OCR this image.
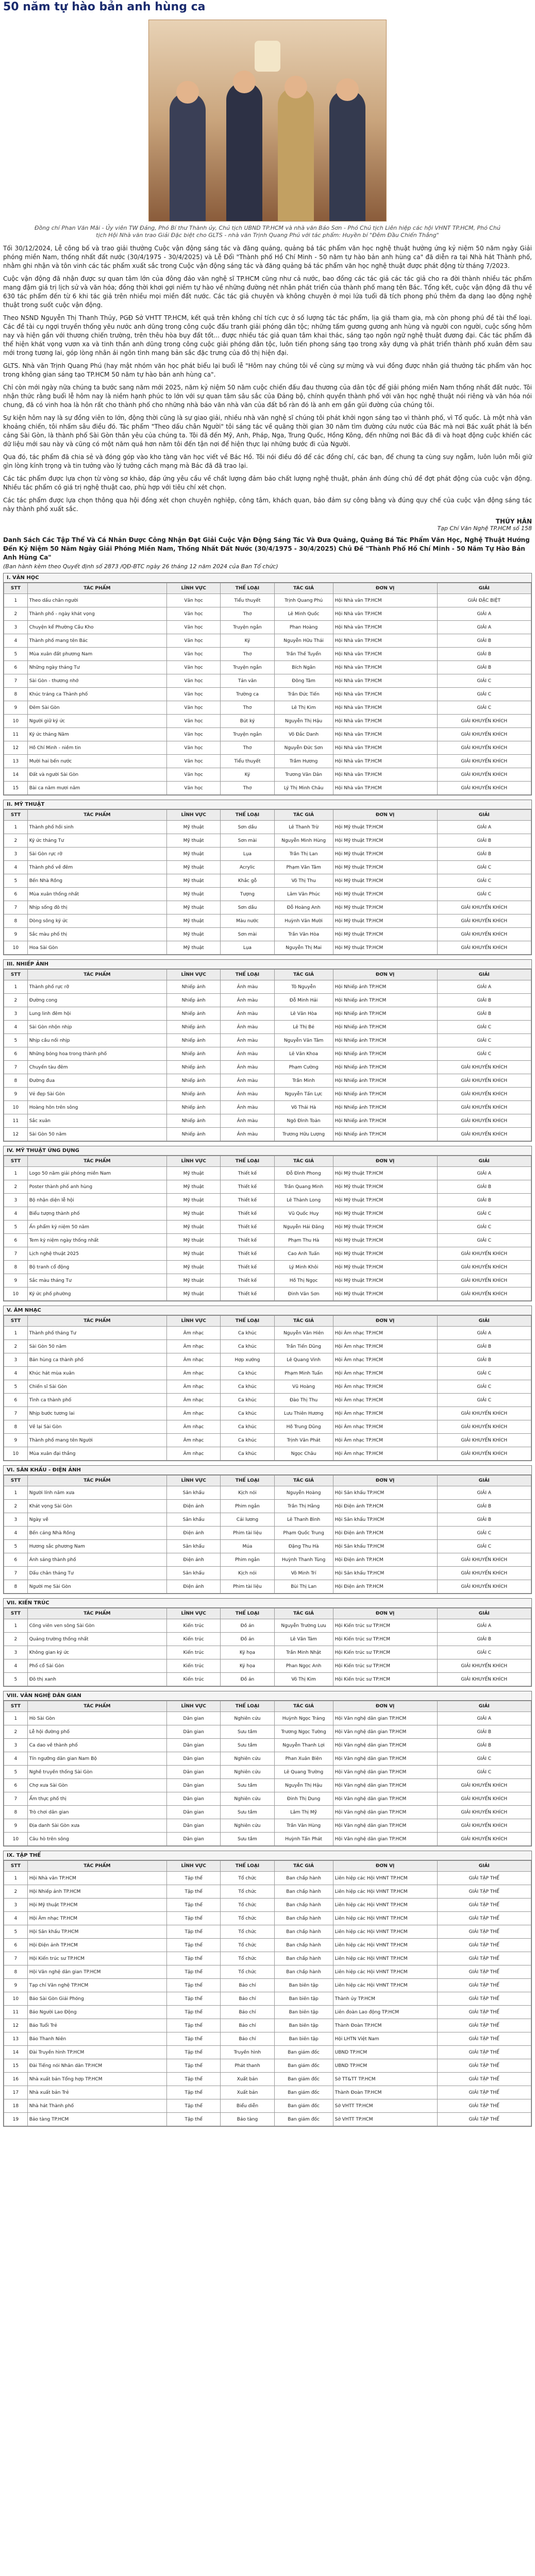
50 năm tự hào bản anh hùng ca

Đồng chí Phan Văn Mãi - Ủy viên TW Đảng, Phó Bí thư Thành ủy, Chủ tịch UBND TP.HCM và nhà văn Bảo Sơn - Phó Chủ tịch Liên hiệp các hội VHNT TP.HCM, Phó Chủ tịch Hội Nhà văn trao Giải Đặc biệt cho GLTS - nhà văn Trịnh Quang Phú với tác phẩm: Huyền bí "Đêm Đầu Chiến Thắng"

Tối 30/12/2024, Lễ công bố và trao giải thưởng Cuộc vận động sáng tác và đăng quảng, quảng bá tác phẩm văn học nghệ thuật hưởng ứng kỷ niệm 50 năm ngày Giải phóng miền Nam, thống nhất đất nước (30/4/1975 - 30/4/2025) và Lễ Đổi "Thành phố Hồ Chí Minh - 50 năm tự hào bản anh hùng ca" đã diễn ra tại Nhà hát Thành phố, nhằm ghi nhận và tôn vinh các tác phẩm xuất sắc trong Cuộc vận động sáng tác và đăng quảng bá tác phẩm văn học nghệ thuật được phát động từ tháng 7/2023.

Cuộc vận động đã nhận được sự quan tâm lớn của đông đảo văn nghệ sĩ TP.HCM cũng như cả nước, bao đồng các tác giả các tác giả cho ra đời thành nhiều tác phẩm mang đậm giá trị lịch sử và văn hóa; đồng thời khơi gợi niềm tự hào về những đường nét nhân phát triển của thành phố mang tên Bác. Tổng kết, cuộc vận động đã thu về 630 tác phẩm đến từ 6 khi tác giả trên nhiều mọi miền đất nước. Các tác giả chuyên và không chuyên ở mọi lứa tuổi đã tích phong phú thêm đa dạng lao động nghệ thuật trong suốt cuộc vận động.

Theo NSND Nguyễn Thị Thanh Thủy, PGĐ Sở VHTT TP.HCM, kết quả trên không chỉ tích cực ở số lượng tác tác phẩm, lịa giá tham gia, mà còn phong phú đề tài thể loại. Các đề tài cụ ngợi truyền thống yêu nước anh dũng trong công cuộc đấu tranh giải phóng dân tộc; những tấm gương gương anh hùng và người con người, cuộc sống hôm nay và hiện gần với thương chiến trường, trên thêu hòa bụy đất tốt... được nhiều tác giả quan tâm khai thác, sáng tạo ngôn ngữ nghệ thuật đương đại. Các tác phẩm đã thể hiện khát vọng vươn xa và tinh thần anh dũng trong công cuộc giải phóng dân tộc, luôn tiến phong sáng tạo trong xây dựng và phát triển thành phố xuân đêm sau mới trong tương lai, góp lòng nhân ái ngôn tình mang bản sắc đặc trưng của đô thị hiện đại.

GLTS. Nhà văn Trịnh Quang Phú (hay mật nhóm văn học phát biểu lại buổi lễ "Hôm nay chúng tôi về cùng sự mừng và vui đồng được nhân giá thưởng tác phẩm văn học trong không gian sáng tạo TP.HCM 50 năm tự hào bản anh hùng ca".

Chỉ còn mới ngày nữa chúng ta bước sang năm mới 2025, năm kỷ niệm 50 năm cuộc chiến đấu đau thương của dân tộc để giải phóng miền Nam thống nhất đất nước. Tôi nhận thức rằng buổi lễ hôm nay là niềm hạnh phúc to lớn với sự quan tâm sâu sắc của Đảng bộ, chính quyền thành phố với văn học nghệ thuật nói riêng và văn hóa nói chung, đã có vinh hoa là hôn rất cho thành phố cho những nhà báo văn nhà văn của đất bố ràn đó là anh em gần gũi đường của chúng tôi.

Sự kiện hôm nay là sự đồng viên to lớn, động thời cũng là sự giao giải, nhiều nhà văn nghệ sĩ chúng tôi phát khởi ngọn sáng tạo vì thành phố, vì Tổ quốc. Là một nhà văn khoảng chiến, tôi nhấm sâu điều đó. Tác phẩm "Theo dấu chân Người" tôi sáng tác về quãng thời gian 30 năm tìm đường cứu nước của Bác mà nơi Bác xuất phát là bến cảng Sài Gòn, là thành phố Sài Gòn thân yêu của chúng ta. Tôi đã đến Mỹ, Anh, Pháp, Nga, Trung Quốc, Hồng Kông, đến những nơi Bác đã đi và hoạt động cuộc khiến các dữ liệu mới sau này và cũng có một năm quá hơn năm tôi đến tận nơi để hiện thực lại những bước đi của Người.

Qua đó, tác phẩm đã chia sẻ và đóng góp vào kho tàng văn học viết về Bác Hồ. Tôi nói điều đó để các đồng chí, các bạn, để chung ta cùng suy ngẫm, luôn luôn mỗi giữ gìn lòng kính trọng và tin tưởng vào lý tưởng cách mạng mà Bác đã đã trao lại.

Các tác phẩm được lựa chọn từ vòng sơ khảo, đáp ứng yêu cầu về chất lượng đảm bảo chất lượng nghệ thuật, phản ánh đúng chủ đề đợt phát động của cuộc vận động. Nhiều tác phẩm có giá trị nghệ thuật cao, phù hợp với tiêu chí xét chọn.

Các tác phẩm được lựa chọn thông qua hội đồng xét chọn chuyên nghiệp, công tâm, khách quan, bảo đảm sự công bằng và đúng quy chế của cuộc vận động sáng tác này thành phố xuất sắc.

THÚY HÂN

Tạp Chí Văn Nghệ TP.HCM số 158

Danh Sách Các Tập Thể Và Cá Nhân Được Công Nhận Đạt Giải Cuộc Vận Động Sáng Tác Và Đưa Quảng, Quảng Bá Tác Phẩm Văn Học, Nghệ Thuật Hướng Đến Kỷ Niệm 50 Năm Ngày Giải Phóng Miền Nam, Thống Nhất Đất Nước (30/4/1975 - 30/4/2025) Chủ Đề "Thành Phố Hồ Chí Minh - 50 Năm Tự Hào Bản Anh Hùng Ca"

(Ban hành kèm theo Quyết định số 2873 /QĐ-BTC ngày 26 tháng 12 năm 2024 của Ban Tổ chức)

I. VĂN HỌC
STT	TÁC PHẨM	LĨNH VỰC	THỂ LOẠI	TÁC GIẢ	ĐƠN VỊ	GIẢI
1	Theo dấu chân người	Văn học	Tiểu thuyết	Trịnh Quang Phú	Hội Nhà văn TP.HCM	GIẢI ĐẶC BIỆT
2	Thành phố - ngày khát vọng	Văn học	Thơ	Lê Minh Quốc	Hội Nhà văn TP.HCM	GIẢI A
3	Chuyện kể Phường Cầu Kho	Văn học	Truyện ngắn	Phan Hoàng	Hội Nhà văn TP.HCM	GIẢI A
4	Thành phố mang tên Bác	Văn học	Ký	Nguyễn Hữu Thái	Hội Nhà văn TP.HCM	GIẢI B
5	Mùa xuân đất phương Nam	Văn học	Thơ	Trần Thế Tuyển	Hội Nhà văn TP.HCM	GIẢI B
6	Những ngày tháng Tư	Văn học	Truyện ngắn	Bích Ngân	Hội Nhà văn TP.HCM	GIẢI B
7	Sài Gòn - thương nhớ	Văn học	Tản văn	Đông Tâm	Hội Nhà văn TP.HCM	GIẢI C
8	Khúc tráng ca Thành phố	Văn học	Trường ca	Trần Đức Tiến	Hội Nhà văn TP.HCM	GIẢI C
9	Đêm Sài Gòn	Văn học	Thơ	Lê Thị Kim	Hội Nhà văn TP.HCM	GIẢI C
10	Người giữ ký ức	Văn học	Bút ký	Nguyễn Thị Hậu	Hội Nhà văn TP.HCM	GIẢI KHUYẾN KHÍCH
11	Ký ức tháng Năm	Văn học	Truyện ngắn	Võ Đắc Danh	Hội Nhà văn TP.HCM	GIẢI KHUYẾN KHÍCH
12	Hồ Chí Minh - niềm tin	Văn học	Thơ	Nguyễn Đức Sơn	Hội Nhà văn TP.HCM	GIẢI KHUYẾN KHÍCH
13	Mười hai bến nước	Văn học	Tiểu thuyết	Trầm Hương	Hội Nhà văn TP.HCM	GIẢI KHUYẾN KHÍCH
14	Đất và người Sài Gòn	Văn học	Ký	Trương Văn Dân	Hội Nhà văn TP.HCM	GIẢI KHUYẾN KHÍCH
15	Bài ca năm mươi năm	Văn học	Thơ	Lý Thị Minh Châu	Hội Nhà văn TP.HCM	GIẢI KHUYẾN KHÍCH
II. MỸ THUẬT
STT	TÁC PHẨM	LĨNH VỰC	THỂ LOẠI	TÁC GIẢ	ĐƠN VỊ	GIẢI
1	Thành phố hồi sinh	Mỹ thuật	Sơn dầu	Lê Thanh Trừ	Hội Mỹ thuật TP.HCM	GIẢI A
2	Ký ức tháng Tư	Mỹ thuật	Sơn mài	Nguyễn Minh Hùng	Hội Mỹ thuật TP.HCM	GIẢI B
3	Sài Gòn rực rỡ	Mỹ thuật	Lụa	Trần Thị Lan	Hội Mỹ thuật TP.HCM	GIẢI B
4	Thành phố về đêm	Mỹ thuật	Acrylic	Phạm Văn Tâm	Hội Mỹ thuật TP.HCM	GIẢI C
5	Bến Nhà Rồng	Mỹ thuật	Khắc gỗ	Võ Thị Thu	Hội Mỹ thuật TP.HCM	GIẢI C
6	Mùa xuân thống nhất	Mỹ thuật	Tượng	Lâm Văn Phúc	Hội Mỹ thuật TP.HCM	GIẢI C
7	Nhịp sống đô thị	Mỹ thuật	Sơn dầu	Đỗ Hoàng Anh	Hội Mỹ thuật TP.HCM	GIẢI KHUYẾN KHÍCH
8	Dòng sông ký ức	Mỹ thuật	Màu nước	Huỳnh Văn Mười	Hội Mỹ thuật TP.HCM	GIẢI KHUYẾN KHÍCH
9	Sắc màu phố thị	Mỹ thuật	Sơn mài	Trần Văn Hòa	Hội Mỹ thuật TP.HCM	GIẢI KHUYẾN KHÍCH
10	Hoa Sài Gòn	Mỹ thuật	Lụa	Nguyễn Thị Mai	Hội Mỹ thuật TP.HCM	GIẢI KHUYẾN KHÍCH
III. NHIẾP ẢNH
STT	TÁC PHẨM	LĨNH VỰC	THỂ LOẠI	TÁC GIẢ	ĐƠN VỊ	GIẢI
1	Thành phố rực rỡ	Nhiếp ảnh	Ảnh màu	Tô Nguyễn	Hội Nhiếp ảnh TP.HCM	GIẢI A
2	Đường cong	Nhiếp ảnh	Ảnh màu	Đỗ Minh Hải	Hội Nhiếp ảnh TP.HCM	GIẢI B
3	Lung linh đêm hội	Nhiếp ảnh	Ảnh màu	Lê Văn Hòa	Hội Nhiếp ảnh TP.HCM	GIẢI B
4	Sài Gòn nhộn nhịp	Nhiếp ảnh	Ảnh màu	Lê Thị Bé	Hội Nhiếp ảnh TP.HCM	GIẢI C
5	Nhịp cầu nối nhịp	Nhiếp ảnh	Ảnh màu	Nguyễn Văn Tâm	Hội Nhiếp ảnh TP.HCM	GIẢI C
6	Những bóng hoa trong thành phố	Nhiếp ảnh	Ảnh màu	Lê Văn Khoa	Hội Nhiếp ảnh TP.HCM	GIẢI C
7	Chuyến tàu đêm	Nhiếp ảnh	Ảnh màu	Phạm Cường	Hội Nhiếp ảnh TP.HCM	GIẢI KHUYẾN KHÍCH
8	Đường đua	Nhiếp ảnh	Ảnh màu	Trần Minh	Hội Nhiếp ảnh TP.HCM	GIẢI KHUYẾN KHÍCH
9	Vẻ đẹp Sài Gòn	Nhiếp ảnh	Ảnh màu	Nguyễn Tấn Lực	Hội Nhiếp ảnh TP.HCM	GIẢI KHUYẾN KHÍCH
10	Hoàng hôn trên sông	Nhiếp ảnh	Ảnh màu	Võ Thái Hà	Hội Nhiếp ảnh TP.HCM	GIẢI KHUYẾN KHÍCH
11	Sắc xuân	Nhiếp ảnh	Ảnh màu	Ngô Đình Toản	Hội Nhiếp ảnh TP.HCM	GIẢI KHUYẾN KHÍCH
12	Sài Gòn 50 năm	Nhiếp ảnh	Ảnh màu	Trương Hữu Lượng	Hội Nhiếp ảnh TP.HCM	GIẢI KHUYẾN KHÍCH
IV. MỸ THUẬT ỨNG DỤNG
STT	TÁC PHẨM	LĨNH VỰC	THỂ LOẠI	TÁC GIẢ	ĐƠN VỊ	GIẢI
1	Logo 50 năm giải phóng miền Nam	Mỹ thuật	Thiết kế	Đỗ Đình Phong	Hội Mỹ thuật TP.HCM	GIẢI A
2	Poster thành phố anh hùng	Mỹ thuật	Thiết kế	Trần Quang Minh	Hội Mỹ thuật TP.HCM	GIẢI B
3	Bộ nhận diện lễ hội	Mỹ thuật	Thiết kế	Lê Thành Long	Hội Mỹ thuật TP.HCM	GIẢI B
4	Biểu tượng thành phố	Mỹ thuật	Thiết kế	Vũ Quốc Huy	Hội Mỹ thuật TP.HCM	GIẢI C
5	Ấn phẩm kỷ niệm 50 năm	Mỹ thuật	Thiết kế	Nguyễn Hải Đăng	Hội Mỹ thuật TP.HCM	GIẢI C
6	Tem kỷ niệm ngày thống nhất	Mỹ thuật	Thiết kế	Phạm Thu Hà	Hội Mỹ thuật TP.HCM	GIẢI C
7	Lịch nghệ thuật 2025	Mỹ thuật	Thiết kế	Cao Anh Tuấn	Hội Mỹ thuật TP.HCM	GIẢI KHUYẾN KHÍCH
8	Bộ tranh cổ động	Mỹ thuật	Thiết kế	Lý Minh Khôi	Hội Mỹ thuật TP.HCM	GIẢI KHUYẾN KHÍCH
9	Sắc màu tháng Tư	Mỹ thuật	Thiết kế	Hồ Thị Ngọc	Hội Mỹ thuật TP.HCM	GIẢI KHUYẾN KHÍCH
10	Ký ức phố phường	Mỹ thuật	Thiết kế	Đinh Văn Sơn	Hội Mỹ thuật TP.HCM	GIẢI KHUYẾN KHÍCH
V. ÂM NHẠC
STT	TÁC PHẨM	LĨNH VỰC	THỂ LOẠI	TÁC GIẢ	ĐƠN VỊ	GIẢI
1	Thành phố tháng Tư	Âm nhạc	Ca khúc	Nguyễn Văn Hiên	Hội Âm nhạc TP.HCM	GIẢI A
2	Sài Gòn 50 năm	Âm nhạc	Ca khúc	Trần Tiến Dũng	Hội Âm nhạc TP.HCM	GIẢI B
3	Bản hùng ca thành phố	Âm nhạc	Hợp xướng	Lê Quang Vinh	Hội Âm nhạc TP.HCM	GIẢI B
4	Khúc hát mùa xuân	Âm nhạc	Ca khúc	Phạm Minh Tuấn	Hội Âm nhạc TP.HCM	GIẢI C
5	Chiến sĩ Sài Gòn	Âm nhạc	Ca khúc	Vũ Hoàng	Hội Âm nhạc TP.HCM	GIẢI C
6	Tình ca thành phố	Âm nhạc	Ca khúc	Đào Thị Thu	Hội Âm nhạc TP.HCM	GIẢI C
7	Nhịp bước tương lai	Âm nhạc	Ca khúc	Lưu Thiên Hương	Hội Âm nhạc TP.HCM	GIẢI KHUYẾN KHÍCH
8	Về lại Sài Gòn	Âm nhạc	Ca khúc	Hồ Trung Dũng	Hội Âm nhạc TP.HCM	GIẢI KHUYẾN KHÍCH
9	Thành phố mang tên Người	Âm nhạc	Ca khúc	Trịnh Văn Phát	Hội Âm nhạc TP.HCM	GIẢI KHUYẾN KHÍCH
10	Mùa xuân đại thắng	Âm nhạc	Ca khúc	Ngọc Châu	Hội Âm nhạc TP.HCM	GIẢI KHUYẾN KHÍCH
VI. SÂN KHẤU - ĐIỆN ẢNH
STT	TÁC PHẨM	LĨNH VỰC	THỂ LOẠI	TÁC GIẢ	ĐƠN VỊ	GIẢI
1	Người lính năm xưa	Sân khấu	Kịch nói	Nguyễn Hoàng	Hội Sân khấu TP.HCM	GIẢI A
2	Khát vọng Sài Gòn	Điện ảnh	Phim ngắn	Trần Thị Hằng	Hội Điện ảnh TP.HCM	GIẢI B
3	Ngày về	Sân khấu	Cải lương	Lê Thanh Bình	Hội Sân khấu TP.HCM	GIẢI B
4	Bến cảng Nhà Rồng	Điện ảnh	Phim tài liệu	Phạm Quốc Trung	Hội Điện ảnh TP.HCM	GIẢI C
5	Hương sắc phương Nam	Sân khấu	Múa	Đặng Thu Hà	Hội Sân khấu TP.HCM	GIẢI C
6	Ánh sáng thành phố	Điện ảnh	Phim ngắn	Huỳnh Thanh Tùng	Hội Điện ảnh TP.HCM	GIẢI KHUYẾN KHÍCH
7	Dấu chân tháng Tư	Sân khấu	Kịch nói	Võ Minh Trí	Hội Sân khấu TP.HCM	GIẢI KHUYẾN KHÍCH
8	Người mẹ Sài Gòn	Điện ảnh	Phim tài liệu	Bùi Thị Lan	Hội Điện ảnh TP.HCM	GIẢI KHUYẾN KHÍCH
VII. KIẾN TRÚC
STT	TÁC PHẨM	LĨNH VỰC	THỂ LOẠI	TÁC GIẢ	ĐƠN VỊ	GIẢI
1	Công viên ven sông Sài Gòn	Kiến trúc	Đồ án	Nguyễn Trường Lưu	Hội Kiến trúc sư TP.HCM	GIẢI A
2	Quảng trường thống nhất	Kiến trúc	Đồ án	Lê Văn Tám	Hội Kiến trúc sư TP.HCM	GIẢI B
3	Không gian ký ức	Kiến trúc	Ký họa	Trần Minh Nhật	Hội Kiến trúc sư TP.HCM	GIẢI C
4	Phố cổ Sài Gòn	Kiến trúc	Ký họa	Phan Ngọc Anh	Hội Kiến trúc sư TP.HCM	GIẢI KHUYẾN KHÍCH
5	Đô thị xanh	Kiến trúc	Đồ án	Võ Thị Kim	Hội Kiến trúc sư TP.HCM	GIẢI KHUYẾN KHÍCH
VIII. VĂN NGHỆ DÂN GIAN
STT	TÁC PHẨM	LĨNH VỰC	THỂ LOẠI	TÁC GIẢ	ĐƠN VỊ	GIẢI
1	Hò Sài Gòn	Dân gian	Nghiên cứu	Huỳnh Ngọc Trảng	Hội Văn nghệ dân gian TP.HCM	GIẢI A
2	Lễ hội đường phố	Dân gian	Sưu tầm	Trương Ngọc Tường	Hội Văn nghệ dân gian TP.HCM	GIẢI B
3	Ca dao về thành phố	Dân gian	Sưu tầm	Nguyễn Thanh Lợi	Hội Văn nghệ dân gian TP.HCM	GIẢI B
4	Tín ngưỡng dân gian Nam Bộ	Dân gian	Nghiên cứu	Phan Xuân Biên	Hội Văn nghệ dân gian TP.HCM	GIẢI C
5	Nghề truyền thống Sài Gòn	Dân gian	Nghiên cứu	Lê Quang Trường	Hội Văn nghệ dân gian TP.HCM	GIẢI C
6	Chợ xưa Sài Gòn	Dân gian	Sưu tầm	Nguyễn Thị Hậu	Hội Văn nghệ dân gian TP.HCM	GIẢI KHUYẾN KHÍCH
7	Ẩm thực phố thị	Dân gian	Nghiên cứu	Đinh Thị Dung	Hội Văn nghệ dân gian TP.HCM	GIẢI KHUYẾN KHÍCH
8	Trò chơi dân gian	Dân gian	Sưu tầm	Lâm Thị Mỹ	Hội Văn nghệ dân gian TP.HCM	GIẢI KHUYẾN KHÍCH
9	Địa danh Sài Gòn xưa	Dân gian	Nghiên cứu	Trần Văn Hùng	Hội Văn nghệ dân gian TP.HCM	GIẢI KHUYẾN KHÍCH
10	Câu hò trên sông	Dân gian	Sưu tầm	Huỳnh Tấn Phát	Hội Văn nghệ dân gian TP.HCM	GIẢI KHUYẾN KHÍCH
IX. TẬP THỂ
STT	TÁC PHẨM	LĨNH VỰC	THỂ LOẠI	TÁC GIẢ	ĐƠN VỊ	GIẢI
1	Hội Nhà văn TP.HCM	Tập thể	Tổ chức	Ban chấp hành	Liên hiệp các Hội VHNT TP.HCM	GIẢI TẬP THỂ
2	Hội Nhiếp ảnh TP.HCM	Tập thể	Tổ chức	Ban chấp hành	Liên hiệp các Hội VHNT TP.HCM	GIẢI TẬP THỂ
3	Hội Mỹ thuật TP.HCM	Tập thể	Tổ chức	Ban chấp hành	Liên hiệp các Hội VHNT TP.HCM	GIẢI TẬP THỂ
4	Hội Âm nhạc TP.HCM	Tập thể	Tổ chức	Ban chấp hành	Liên hiệp các Hội VHNT TP.HCM	GIẢI TẬP THỂ
5	Hội Sân khấu TP.HCM	Tập thể	Tổ chức	Ban chấp hành	Liên hiệp các Hội VHNT TP.HCM	GIẢI TẬP THỂ
6	Hội Điện ảnh TP.HCM	Tập thể	Tổ chức	Ban chấp hành	Liên hiệp các Hội VHNT TP.HCM	GIẢI TẬP THỂ
7	Hội Kiến trúc sư TP.HCM	Tập thể	Tổ chức	Ban chấp hành	Liên hiệp các Hội VHNT TP.HCM	GIẢI TẬP THỂ
8	Hội Văn nghệ dân gian TP.HCM	Tập thể	Tổ chức	Ban chấp hành	Liên hiệp các Hội VHNT TP.HCM	GIẢI TẬP THỂ
9	Tạp chí Văn nghệ TP.HCM	Tập thể	Báo chí	Ban biên tập	Liên hiệp các Hội VHNT TP.HCM	GIẢI TẬP THỂ
10	Báo Sài Gòn Giải Phóng	Tập thể	Báo chí	Ban biên tập	Thành ủy TP.HCM	GIẢI TẬP THỂ
11	Báo Người Lao Động	Tập thể	Báo chí	Ban biên tập	Liên đoàn Lao động TP.HCM	GIẢI TẬP THỂ
12	Báo Tuổi Trẻ	Tập thể	Báo chí	Ban biên tập	Thành Đoàn TP.HCM	GIẢI TẬP THỂ
13	Báo Thanh Niên	Tập thể	Báo chí	Ban biên tập	Hội LHTN Việt Nam	GIẢI TẬP THỂ
14	Đài Truyền hình TP.HCM	Tập thể	Truyền hình	Ban giám đốc	UBND TP.HCM	GIẢI TẬP THỂ
15	Đài Tiếng nói Nhân dân TP.HCM	Tập thể	Phát thanh	Ban giám đốc	UBND TP.HCM	GIẢI TẬP THỂ
16	Nhà xuất bản Tổng hợp TP.HCM	Tập thể	Xuất bản	Ban giám đốc	Sở TT&TT TP.HCM	GIẢI TẬP THỂ
17	Nhà xuất bản Trẻ	Tập thể	Xuất bản	Ban giám đốc	Thành Đoàn TP.HCM	GIẢI TẬP THỂ
18	Nhà hát Thành phố	Tập thể	Biểu diễn	Ban giám đốc	Sở VHTT TP.HCM	GIẢI TẬP THỂ
19	Bảo tàng TP.HCM	Tập thể	Bảo tàng	Ban giám đốc	Sở VHTT TP.HCM	GIẢI TẬP THỂ
